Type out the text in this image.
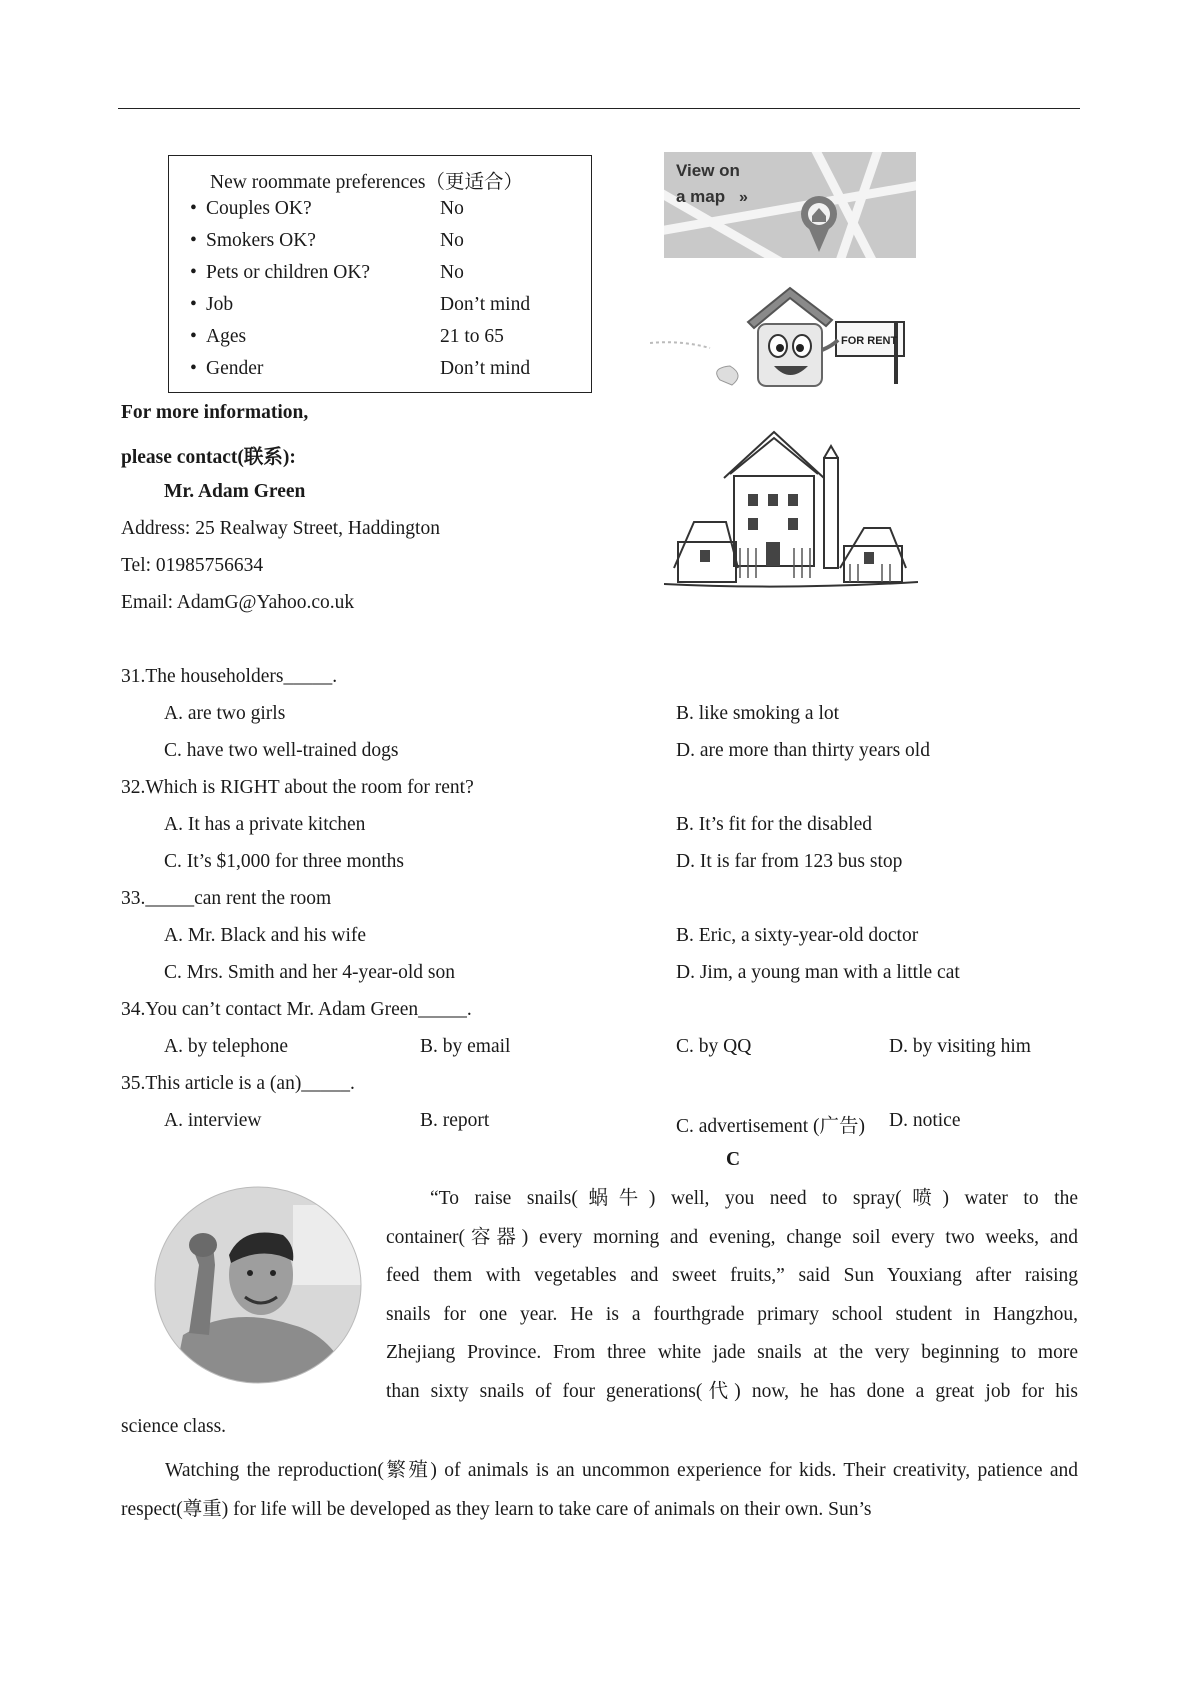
New roommate preferences（更适合）
• Couples OK?	No
• Smokers OK?	No
• Pets or children OK?	No
• Job	Don’t mind
• Ages	21 to 65
• Gender	Don’t mind
View on
a map »
FOR RENT
For more information,
please contact(联系):
Mr. Adam Green
Address: 25 Realway Street, Haddington
Tel: 01985756634
Email: AdamG@Yahoo.co.uk
31.The householders_____.
A. are two girls	B. like smoking a lot
C. have two well-trained dogs	D. are more than thirty years old
32.Which is RIGHT about the room for rent?
A. It has a private kitchen	B. It’s fit for the disabled
C. It’s $1,000 for three months	D. It is far from 123 bus stop
33._____can rent the room
A. Mr. Black and his wife	B. Eric, a sixty-year-old doctor
C. Mrs. Smith and her 4-year-old son	D. Jim, a young man with a little cat
34.You can’t contact Mr. Adam Green_____.
A. by telephone	B. by email	C. by QQ	D. by visiting him
35.This article is a (an)_____.
A. interview	B. report	C. advertisement (广告) D. notice
C
“To raise snails(蜗牛) well, you need to spray(喷) water to the
container(容器) every morning and evening, change soil every two weeks, and
feed them with vegetables and sweet fruits,” said Sun Youxiang after raising
snails for one year. He is a fourthgrade primary school student in Hangzhou,
Zhejiang Province. From three white jade snails at the very beginning to more
than sixty snails of four generations(代) now, he has done a great job for his
science class.
Watching the reproduction(繁殖) of animals is an uncommon experience for kids. Their creativity, patience and respect(尊重) for life will be developed as they learn to take care of animals on their own. Sun’s
